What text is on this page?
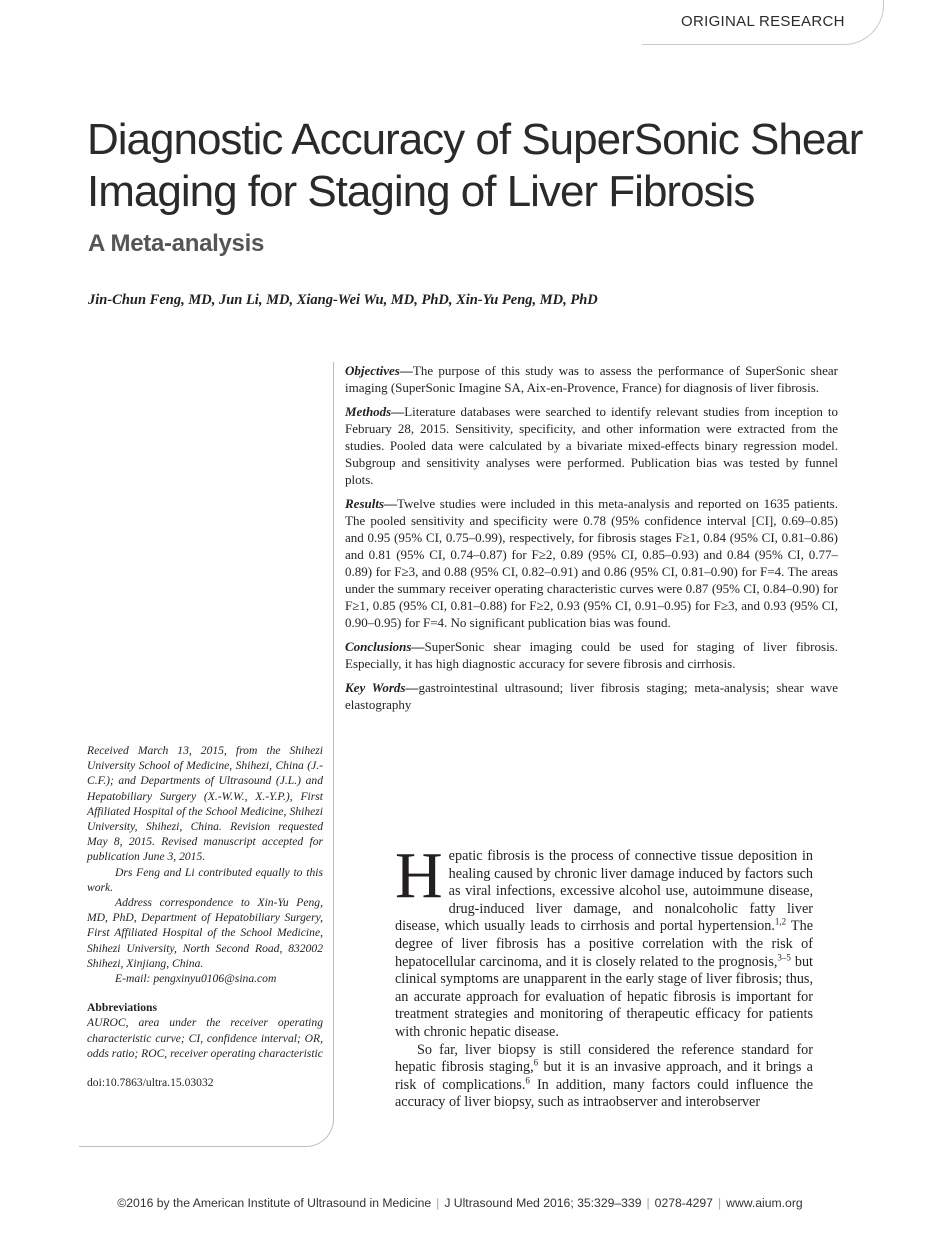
ORIGINAL RESEARCH
Diagnostic Accuracy of SuperSonic Shear Imaging for Staging of Liver Fibrosis
A Meta-analysis

Jin-Chun Feng, MD, Jun Li, MD, Xiang-Wei Wu, MD, PhD, Xin-Yu Peng, MD, PhD

Objectives—The purpose of this study was to assess the performance of SuperSonic shear imaging (SuperSonic Imagine SA, Aix-en-Provence, France) for diagnosis of liver fibrosis.

Methods—Literature databases were searched to identify relevant studies from inception to February 28, 2015. Sensitivity, specificity, and other information were extracted from the studies. Pooled data were calculated by a bivariate mixed-effects binary regression model. Subgroup and sensitivity analyses were performed. Publication bias was tested by funnel plots.

Results—Twelve studies were included in this meta-analysis and reported on 1635 patients. The pooled sensitivity and specificity were 0.78 (95% confidence interval [CI], 0.69–0.85) and 0.95 (95% CI, 0.75–0.99), respectively, for fibrosis stages F≥1, 0.84 (95% CI, 0.81–0.86) and 0.81 (95% CI, 0.74–0.87) for F≥2, 0.89 (95% CI, 0.85–0.93) and 0.84 (95% CI, 0.77–0.89) for F≥3, and 0.88 (95% CI, 0.82–0.91) and 0.86 (95% CI, 0.81–0.90) for F=4. The areas under the summary receiver operating characteristic curves were 0.87 (95% CI, 0.84–0.90) for F≥1, 0.85 (95% CI, 0.81–0.88) for F≥2, 0.93 (95% CI, 0.91–0.95) for F≥3, and 0.93 (95% CI, 0.90–0.95) for F=4. No significant publication bias was found.

Conclusions—SuperSonic shear imaging could be used for staging of liver fibrosis. Especially, it has high diagnostic accuracy for severe fibrosis and cirrhosis.

Key Words—gastrointestinal ultrasound; liver fibrosis staging; meta-analysis; shear wave elastography

Received March 13, 2015, from the Shihezi University School of Medicine, Shihezi, China (J.-C.F.); and Departments of Ultrasound (J.L.) and Hepatobiliary Surgery (X.-W.W., X.-Y.P.), First Affiliated Hospital of the School Medicine, Shihezi University, Shihezi, China. Revision requested May 8, 2015. Revised manuscript accepted for publication June 3, 2015.

Drs Feng and Li contributed equally to this work.

Address correspondence to Xin-Yu Peng, MD, PhD, Department of Hepatobiliary Surgery, First Affiliated Hospital of the School Medicine, Shihezi University, North Second Road, 832002 Shihezi, Xinjiang, China.

E-mail: pengxinyu0106@sina.com

Abbreviations

AUROC, area under the receiver operating characteristic curve; CI, confidence interval; OR, odds ratio; ROC, receiver operating characteristic

doi:10.7863/ultra.15.03032

Hepatic fibrosis is the process of connective tissue deposition in healing caused by chronic liver damage induced by factors such as viral infections, excessive alcohol use, autoimmune disease, drug-induced liver damage, and nonalcoholic fatty liver disease, which usually leads to cirrhosis and portal hypertension.$^{1,2}$ The degree of liver fibrosis has a positive correlation with the risk of hepatocellular carcinoma, and it is closely related to the prognosis,$^{3-5}$ but clinical symptoms are unapparent in the early stage of liver fibrosis; thus, an accurate approach for evaluation of hepatic fibrosis is important for treatment strategies and monitoring of therapeutic efficacy for patients with chronic hepatic disease.

So far, liver biopsy is still considered the reference standard for hepatic fibrosis staging,$^6$ but it is an invasive approach, and it brings a risk of complications.$^6$ In addition, many factors could influence the accuracy of liver biopsy, such as intraobserver and interobserver

©2016 by the American Institute of Ultrasound in Medicine | J Ultrasound Med 2016; 35:329–339 | 0278-4297 | www.aium.org
